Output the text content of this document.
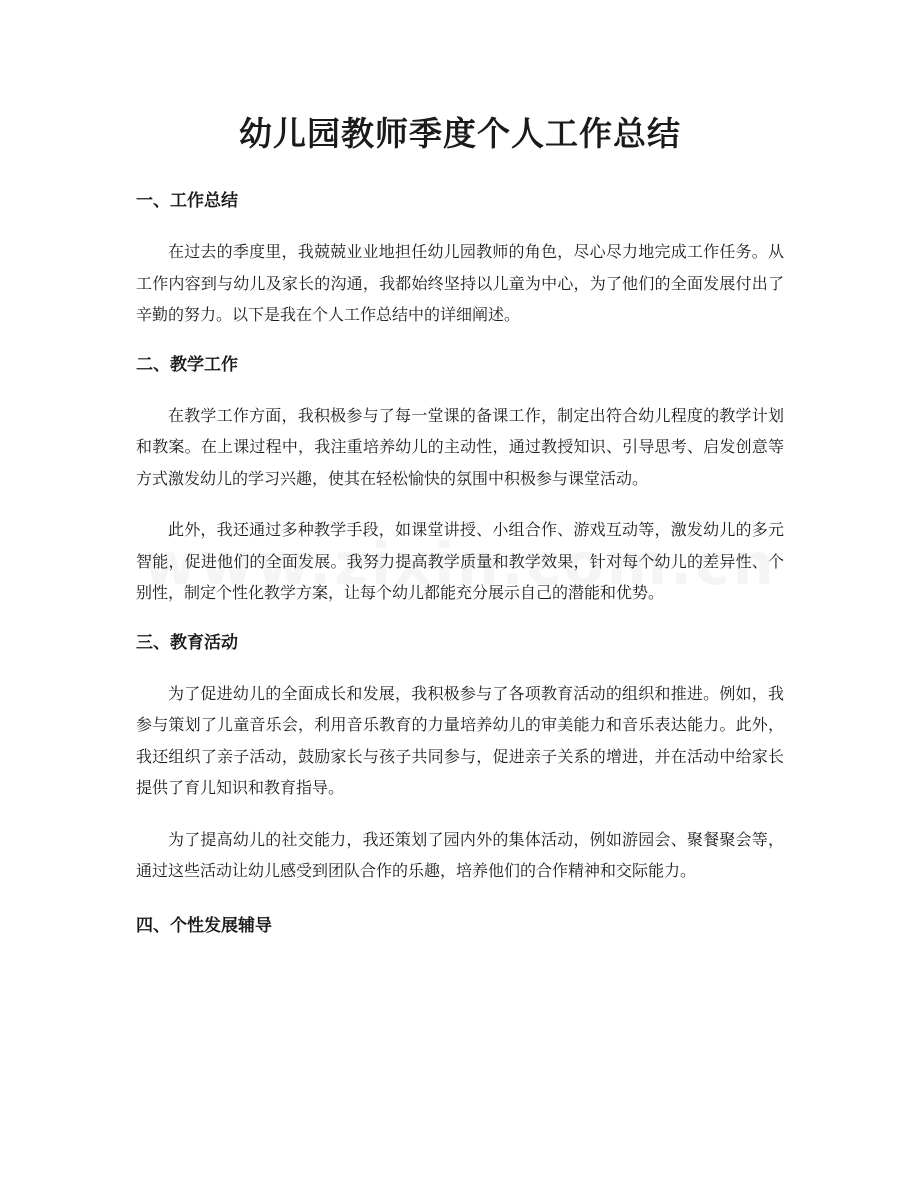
幼儿园教师季度个人工作总结
一、工作总结

在过去的季度里，我兢兢业业地担任幼儿园教师的角色，尽心尽力地完成工作任务。从工作内容到与幼儿及家长的沟通，我都始终坚持以儿童为中心，为了他们的全面发展付出了辛勤的努力。以下是我在个人工作总结中的详细阐述。

二、教学工作

在教学工作方面，我积极参与了每一堂课的备课工作，制定出符合幼儿程度的教学计划和教案。在上课过程中，我注重培养幼儿的主动性，通过教授知识、引导思考、启发创意等方式激发幼儿的学习兴趣，使其在轻松愉快的氛围中积极参与课堂活动。

此外，我还通过多种教学手段，如课堂讲授、小组合作、游戏互动等，激发幼儿的多元智能，促进他们的全面发展。我努力提高教学质量和教学效果，针对每个幼儿的差异性、个别性，制定个性化教学方案，让每个幼儿都能充分展示自己的潜能和优势。

三、教育活动

为了促进幼儿的全面成长和发展，我积极参与了各项教育活动的组织和推进。例如，我参与策划了儿童音乐会，利用音乐教育的力量培养幼儿的审美能力和音乐表达能力。此外，我还组织了亲子活动，鼓励家长与孩子共同参与，促进亲子关系的增进，并在活动中给家长提供了育儿知识和教育指导。

为了提高幼儿的社交能力，我还策划了园内外的集体活动，例如游园会、聚餐聚会等，通过这些活动让幼儿感受到团队合作的乐趣，培养他们的合作精神和交际能力。

四、个性发展辅导
